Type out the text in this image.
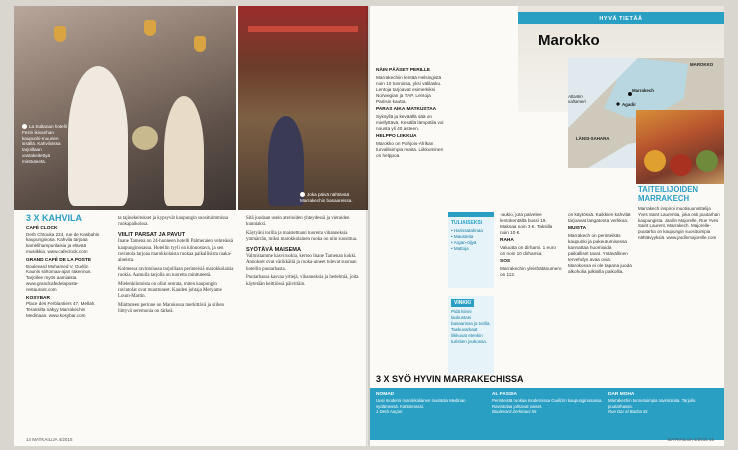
La Sultanan hotelli Fezin ikivanhan kaupunki-muurien sisällä. Kahviloissa tarjoillaan vastakeitettyä minttuteetä.
Joka päivä nähtävää Marrakechin basaareissa.
3 X KAHVILA
CAFÉ CLOCK
Derb Chtouka 224, rue de Kasbahin kaupunginosa. Kahvila tarjoaa kamelihampurilaisia ja elävää musiikkia. www.cafeclock.com
GRAND CAFÉ DE LA POSTE
Boulevard Mohamed V, Guéliz. Kaunis siirtomaa-ajan rakennus. Tarjoilee myös aamiaista. www.grandcafedelaposte-restaurant.com
KOSYBAR
Place des Ferblantiers 47, Mellah. Terassilta näkyy Marrakechin Medinaan. www.kosybar.com

ta tajinekeitokset ja kypsyvät kaupungin suosituimmissa ruokapaikoissa.

VIILIT PARSAT JA PAVUT

Inane Tamena on 24-huoneen hotelli Palmeraien vehreässä kaupunginosassa. Hotellin tyyli on kiinnostava, ja sen ravintola tarjoaa marokkolaista ruokaa paikallisista raaka-aineista.

Kolmessa ravintolassa tarjoillaan perinteisiä marokkolaisia ruokia. Aamulla tarjolla on tuoretta minttuteetä.

Mielenkiintoista on ollut seurata, miten kaupungin ravintolat ovat muuttuneet. Kauden johtaja Meryame Loum-Martin.

Minttuteen perinne on Marokossa merkittävä ja siihen liittyvä seremonia on tärkeä.

Sitä juodaan usein aterioiden yhteydessä ja vieraiden kunniaksi.

Käytyäni torilla ja maistettuani tuoreita vihanneksia ymmärrän, miksi marokkolainen ruoka on niin suosittua.

SYÖTÄVÄ MAISEMA

Valmistamme kasviruokia, kertoo Inane Tamenan kokki. Annokset ovat värikkäitä ja ruoka-aineet tulevat suoraan hotellin puutarhasta.

Puutarhassa kasvaa yrttejä, vihanneksia ja hedelmiä, joita käytetään keittiössä päivittäin.

14 MATKAILIJA 4/2015
HYVÄ TIETÄÄ
Marokko
MAROKKO
Atlantin valtameri
Marrakech
Agadir
LÄNSI-SAHARA
NÄIN PÄÄSET PERILLE

Marrakechiin lentää Helsingistä noin 10 tunnissa, yksi välilasku. Lentoja tarjoavat esimerkiksi Norwegian ja TAP. Lentoja Pariisin kautta.

PARAS AIKA MATKUSTAA

Syksyllä ja keväällä sää on miellyttävä. Kesällä lämpötila voi nousta yli 40 asteen.

HELPPO LIIKKUA

Marokko on Pohjois-Afrikan turvallisimpia maita. Liikkuminen on helppoa.

TULIAISEKSI
• Harissatahnaa
• Mausteita
• Argan-öljyä
• Mattoja
VINKKI
Pidä kiinni laukustasi basaarissa ja torilla. Taskuvarkaat liikkuvat etenkin turistien joukossa.

-aukio, jota palvelee lentokentältä bussi 19. Maksaa noin 3 €. Taksilla noin 10 €.

RAHA

Valuutta on dirhami. 1 euro on noin 10 dirhamia.

SOS

Marrakechin yleishätänumero on 112.

on käytössä. Kaikkien kahvilat tarjoavat langatonta verkkoa.

MUISTA

Marrakech on perinteikäs kaupunki ja pukeutumisessa kannattaa huomioida paikalliset tavat. Ystävällinen tervehdys avaa ovia.

Marokossa ei ole tapana juoda alkoholia julkisilla paikoilla.

TAITEILIJOIDEN MARRAKECH
Marrakech inspiroi muotisuunnittelija Yves Saint Laurentia, joka osti puutarhan kaupungista. Jardin Majorelle, Rue Yves Saint Laurent, Marrakech. Majorelle-puutarha on kaupungin suosituimpia nähtävyyksiä. www.jardinmajorelle.com
3 X SYÖ HYVIN MARRAKECHISSA
NOMAD
Uusi moderni marokkolainen ravintola Medinan sydämessä. Kattoterassi.
1 Derb Aarjan
AL FASSIA
Perinteistä ruokaa modernissa Guélizin kaupunginosassa. Ravintolaa johtavat naiset.
Boulevard Zerktouni 55
DAR MOHA
Marrakechin tunnetuimpia ravintoloita. Tarjoilu puutarhassa.
Rue Dar el Bacha 81
MATKAILIJA 4/2015 15
